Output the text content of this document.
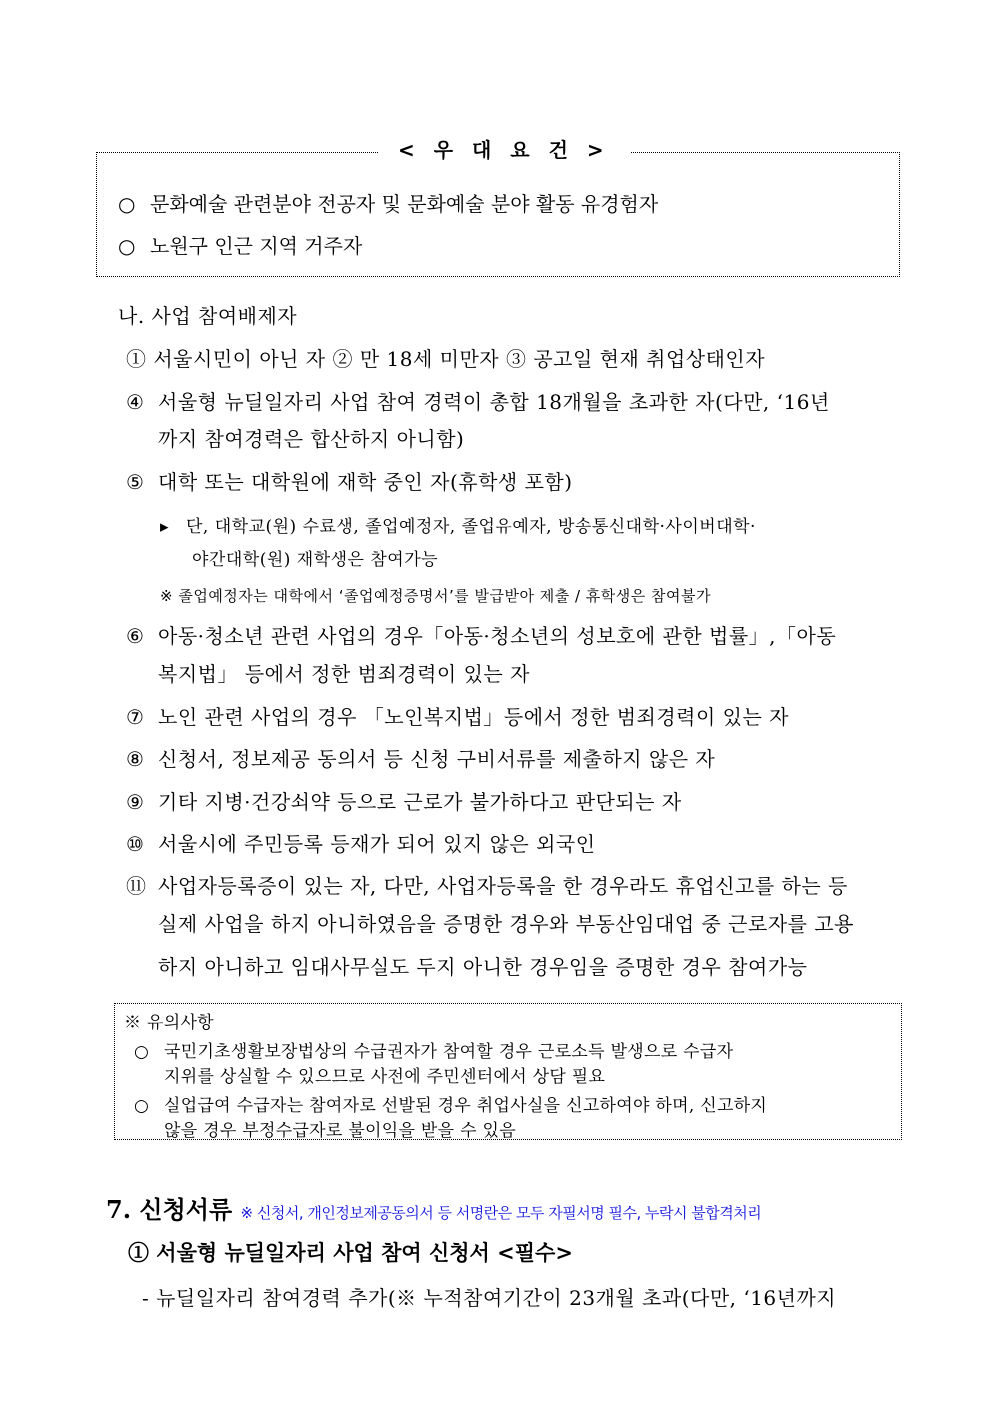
< 우 대 요 건 >
○ 문화예술 관련분야 전공자 및 문화예술 분야 활동 유경험자
○ 노원구 인근 지역 거주자
나. 사업 참여배제자
① 서울시민이 아닌 자 ② 만 18세 미만자 ③ 공고일 현재 취업상태인자
④ 서울형 뉴딜일자리 사업 참여 경력이 총합 18개월을 초과한 자(다만, ‘16년
까지 참여경력은 합산하지 아니함)
⑤ 대학 또는 대학원에 재학 중인 자(휴학생 포함)
▸ 단, 대학교(원) 수료생, 졸업예정자, 졸업유예자, 방송통신대학·사이버대학·
야간대학(원) 재학생은 참여가능
※ 졸업예정자는 대학에서 ‘졸업예정증명서’를 발급받아 제출 / 휴학생은 참여불가
⑥ 아동·청소년 관련 사업의 경우「아동·청소년의 성보호에 관한 법률」,「아동
복지법」 등에서 정한 범죄경력이 있는 자
⑦ 노인 관련 사업의 경우 「노인복지법」등에서 정한 범죄경력이 있는 자
⑧ 신청서, 정보제공 동의서 등 신청 구비서류를 제출하지 않은 자
⑨ 기타 지병·건강쇠약 등으로 근로가 불가하다고 판단되는 자
⑩ 서울시에 주민등록 등재가 되어 있지 않은 외국인
⑪ 사업자등록증이 있는 자, 다만, 사업자등록을 한 경우라도 휴업신고를 하는 등
실제 사업을 하지 아니하였음을 증명한 경우와 부동산임대업 중 근로자를 고용
하지 아니하고 임대사무실도 두지 아니한 경우임을 증명한 경우 참여가능
※ 유의사항
○ 국민기초생활보장법상의 수급권자가 참여할 경우 근로소득 발생으로 수급자
지위를 상실할 수 있으므로 사전에 주민센터에서 상담 필요
○ 실업급여 수급자는 참여자로 선발된 경우 취업사실을 신고하여야 하며, 신고하지
않을 경우 부정수급자로 불이익을 받을 수 있음
7. 신청서류 ※ 신청서, 개인정보제공동의서 등 서명란은 모두 자필서명 필수, 누락시 불합격처리
① 서울형 뉴딜일자리 사업 참여 신청서 <필수>
- 뉴딜일자리 참여경력 추가(※ 누적참여기간이 23개월 초과(다만, ‘16년까지
